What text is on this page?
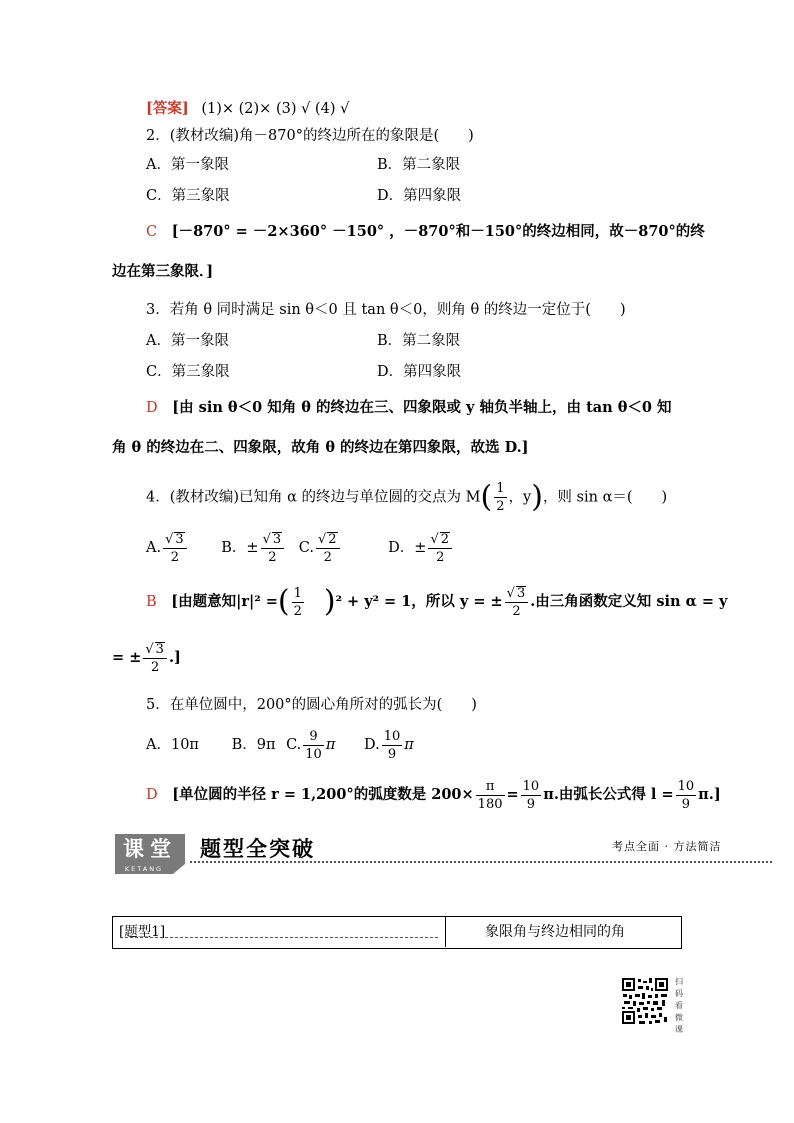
[答案] (1)× (2)× (3) √ (4) √
2．(教材改编)角－870°的终边所在的象限是(　　)
A．第一象限	B．第二象限
C．第三象限	D．第四象限
C [－870° = －2×360° －150° ，－870°和－150°的终边相同，故－870°的终
边在第三象限．]
3．若角 θ 同时满足 sin θ＜0 且 tan θ＜0，则角 θ 的终边一定位于(　　)
A．第一象限	B．第二象限
C．第三象限	D．第四象限
D [由 sin θ＜0 知角 θ 的终边在三、四象限或 y 轴负半轴上，由 tan θ＜0 知
角 θ 的终边在二、四象限，故角 θ 的终边在第四象限，故选 D.]
4．(教材改编)已知角 α 的终边与单位圆的交点为 $M( \frac{1}{2}$ ，y)，则 sin α＝(　　)
A. $\frac{√ 3}{2}$ B．± $\frac{√ 3}{2} C$. $\frac{√ 2}{2}$	D．± $\frac{√ 2}{2}$
B [由题意知|r|² =( $\frac{1}{2} )^2 + y^2 = 1$，所以 y = ± $\frac{√ 3}{2}$ .由三角函数定义知 sin α = y
= ± $\frac{√ 3}{2}$ .]
5．在单位圆中，200°的圆心角所对的弧长为(　　)
A．10π B．9π C. $\frac{9}{10}$ π D. $\frac{10}{9}$ π
D [单位圆的半径 r = 1,200°的弧度数是 $200\times \frac{\pi}{180} = \frac{10}{9} \pi$.由弧长公式得 $l = \frac{10}{9} \pi$.]
课堂
KETANG
题型全突破	考点全面 · 方法简洁
[题型1]	象限角与终边相同的角
扫码看微课
